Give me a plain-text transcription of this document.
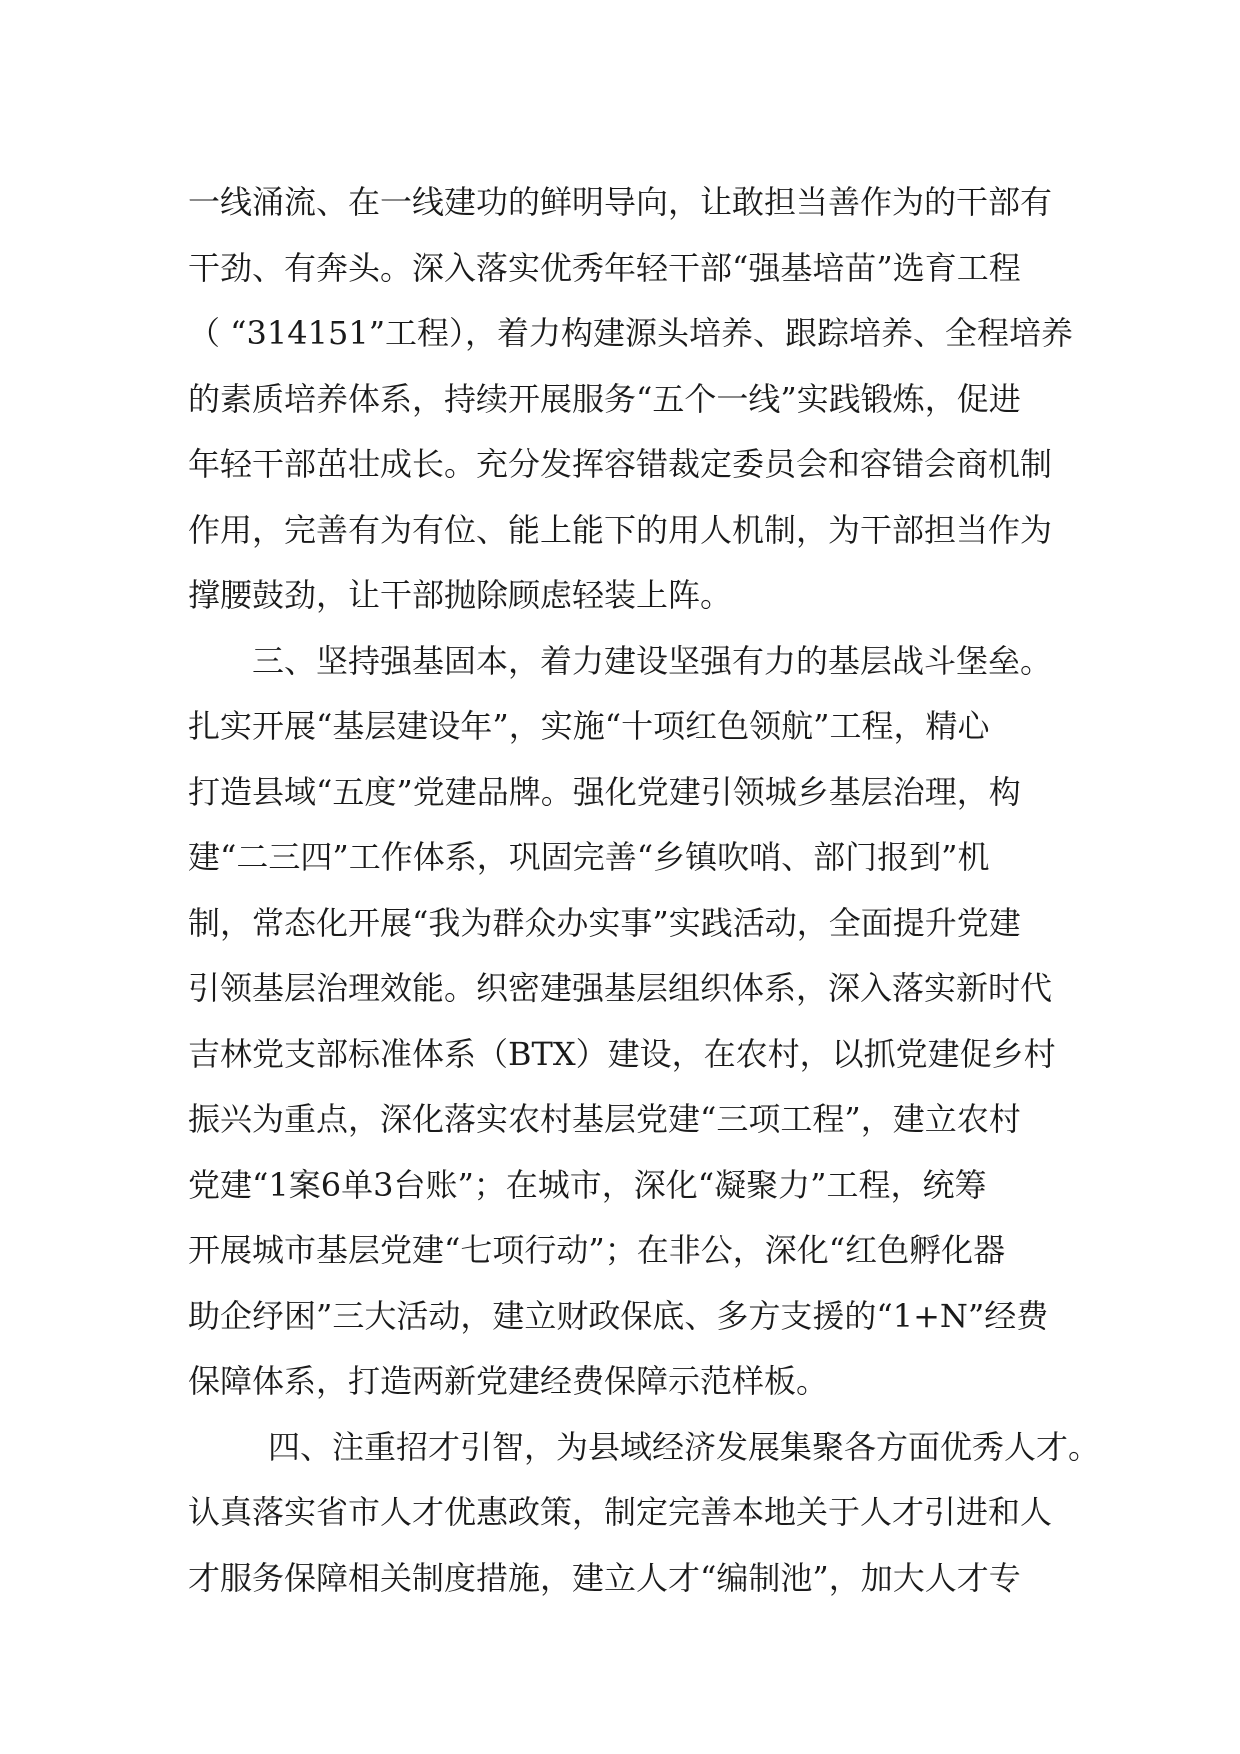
一线涌流、在一线建功的鲜明导向，让敢担当善作为的干部有
干劲、有奔头。深入落实优秀年轻干部“强基培苗”选育工程
（ “314151”工程），着力构建源头培养、跟踪培养、全程培养
的素质培养体系，持续开展服务“五个一线”实践锻炼，促进
年轻干部茁壮成长。充分发挥容错裁定委员会和容错会商机制
作用，完善有为有位、能上能下的用人机制，为干部担当作为
撑腰鼓劲，让干部抛除顾虑轻装上阵。
三、坚持强基固本，着力建设坚强有力的基层战斗堡垒。
扎实开展“基层建设年”，实施“十项红色领航”工程，精心
打造县域“五度”党建品牌。强化党建引领城乡基层治理，构
建“二三四”工作体系，巩固完善“乡镇吹哨、部门报到”机
制，常态化开展“我为群众办实事”实践活动，全面提升党建
引领基层治理效能。织密建强基层组织体系，深入落实新时代
吉林党支部标准体系（BTX）建设，在农村，以抓党建促乡村
振兴为重点，深化落实农村基层党建“三项工程”，建立农村
党建“1案6单3台账”；在城市，深化“凝聚力”工程，统筹
开展城市基层党建“七项行动”；在非公，深化“红色孵化器
助企纾困”三大活动，建立财政保底、多方支援的“1+N”经费
保障体系，打造两新党建经费保障示范样板。
四、注重招才引智，为县域经济发展集聚各方面优秀人才。
认真落实省市人才优惠政策，制定完善本地关于人才引进和人
才服务保障相关制度措施，建立人才“编制池”，加大人才专
